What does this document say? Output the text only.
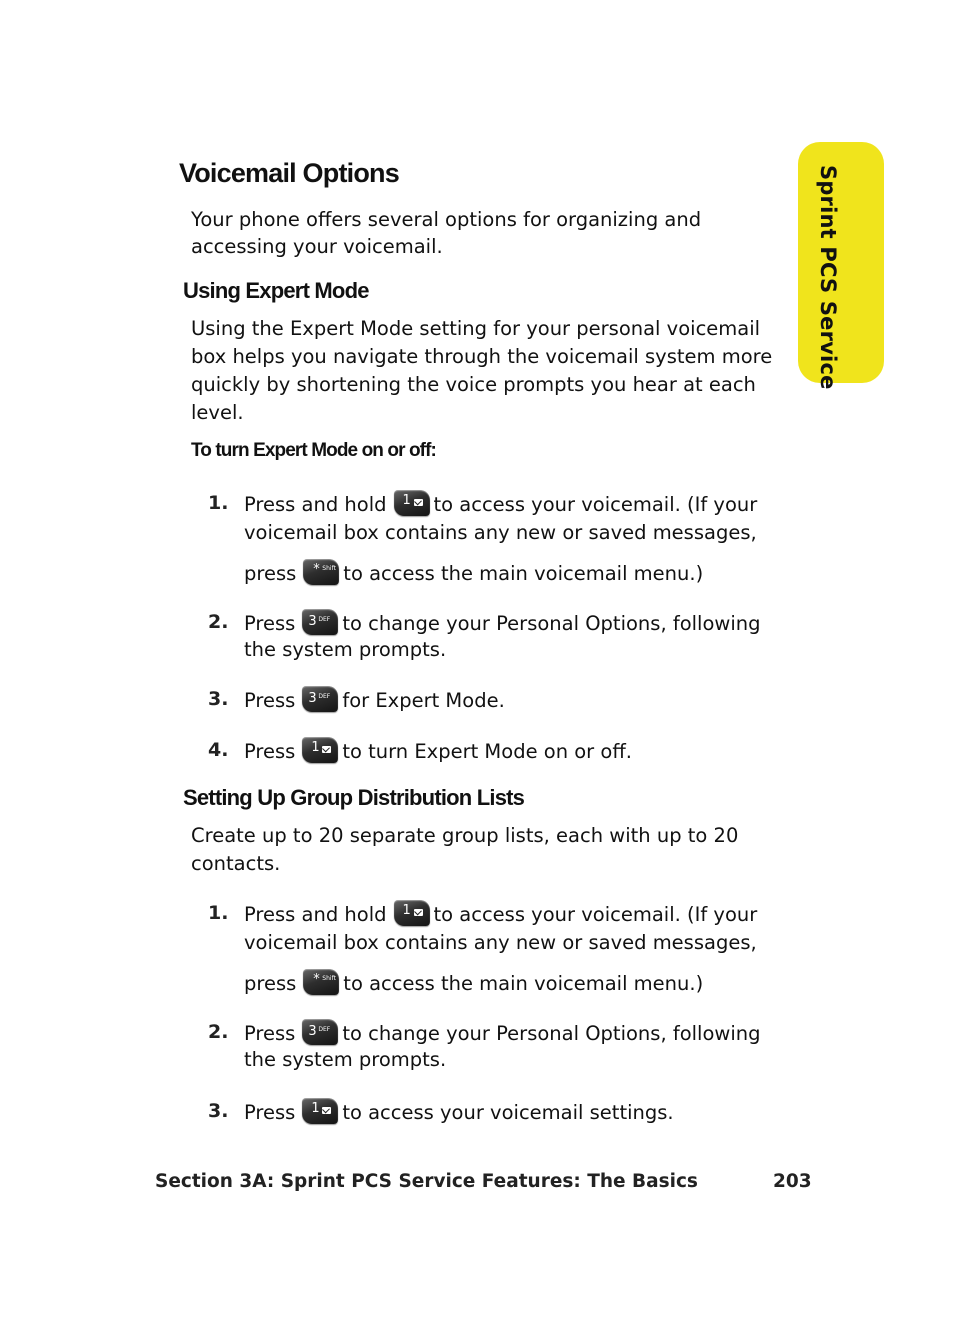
Sprint PCS Service
Voicemail Options

Your phone offers several options for organizing and

accessing your voicemail.

Using Expert Mode

Using the Expert Mode setting for your personal voicemail

box helps you navigate through the voicemail system more

quickly by shortening the voice prompts you hear at each

level.

To turn Expert Mode on or off:

1. Press and hold 1 to access your voicemail. (If your
voicemail box contains any new or saved messages,
press * Shift to access the main voicemail menu.)
2. Press 3 DEF to change your Personal Options, following
the system prompts.
3. Press 3 DEF for Expert Mode.
4. Press 1 to turn Expert Mode on or off.
Setting Up Group Distribution Lists

Create up to 20 separate group lists, each with up to 20

contacts.

1. Press and hold 1 to access your voicemail. (If your
voicemail box contains any new or saved messages,
press * Shift to access the main voicemail menu.)
2. Press 3 DEF to change your Personal Options, following
the system prompts.
3. Press 1 to access your voicemail settings.
Section 3A: Sprint PCS Service Features: The Basics	203
